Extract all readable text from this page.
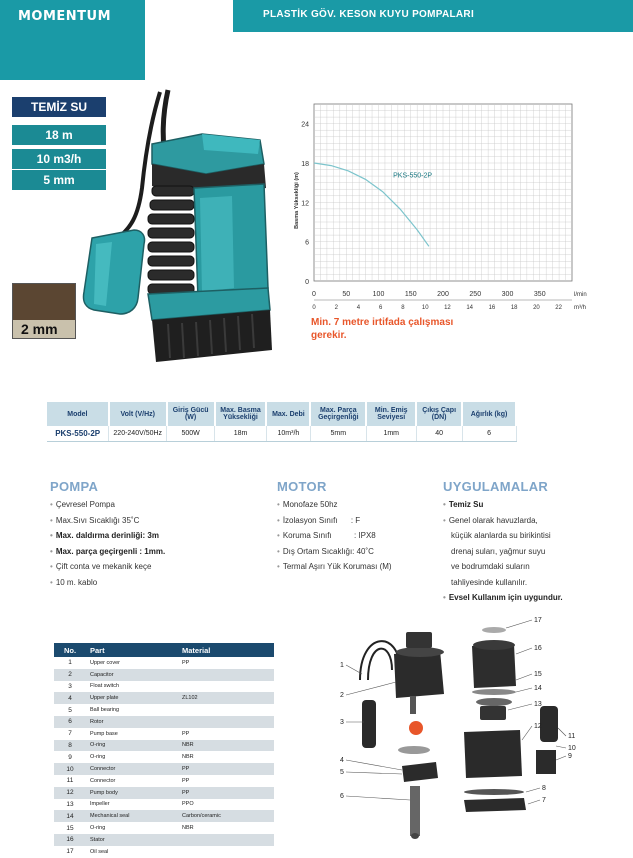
MOMENTUM	PLASTİK GÖV. KESON KUYU POMPALARI
TEMİZ SU
18 m
10 m3/h
5 mm
2 mm
0
6
12
18
24
0	50	100	150	200	250	300	350	l/min
0	2	4	6	8	10	12	14	16	18	20	22 m³/h
Basma Yüksekliği (m)	PKS-550-2P
Min. 7 metre irtifada çalışması gerekir.
Model	Volt (V/Hz)	Giriş Gücü (W)	Max. Basma Yüksekliği	Max. Debi	Max. Parça Geçirgenliği	Min. Emiş Seviyesi	Çıkış Çapı (DN)	Ağırlık (kg)
PKS-550-2P	220-240V/50Hz	500W	18m	10m³/h	5mm	1mm	40	6
POMPA	MOTOR	UYGULAMALAR
• Çevresel Pompa
• Max.Sıvı Sıcaklığı 35˚C
• Max. daldırma derinliği: 3m
• Max. parça geçirgenli : 1mm.
• Çift conta ve mekanik keçe
• 10 m. kablo
• Monofaze 50hz
• İzolasyon Sınıfı      : F
• Koruma Sınıfı          : IPX8
• Dış Ortam Sıcaklığı: 40˚C
• Termal Aşırı Yük Koruması (M)
• Temiz Su
• Genel olarak havuzlarda,
küçük alanlarda su birikintisi
drenaj suları, yağmur suyu
ve bodrumdaki suların
tahliyesinde kullanılır.
• Evsel Kullanım için uygundur.
No.	Part	Material
1	Upper cover	PP
2	Capacitor	
3	Float switch	
4	Upper plate	ZL102
5	Ball bearing	
6	Rotor	
7	Pump base	PP
8	O-ring	NBR
9	O-ring	NBR
10	Connector	PP
11	Connector	PP
12	Pump body	PP
13	Impeller	PPO
14	Mechanical seal	Carbon/ceramic
15	O-ring	NBR
16	Stator	
17	Oil seal	
1
2
3
4
5
6
7
8
9
10
11
12
13
14
15
16
17
